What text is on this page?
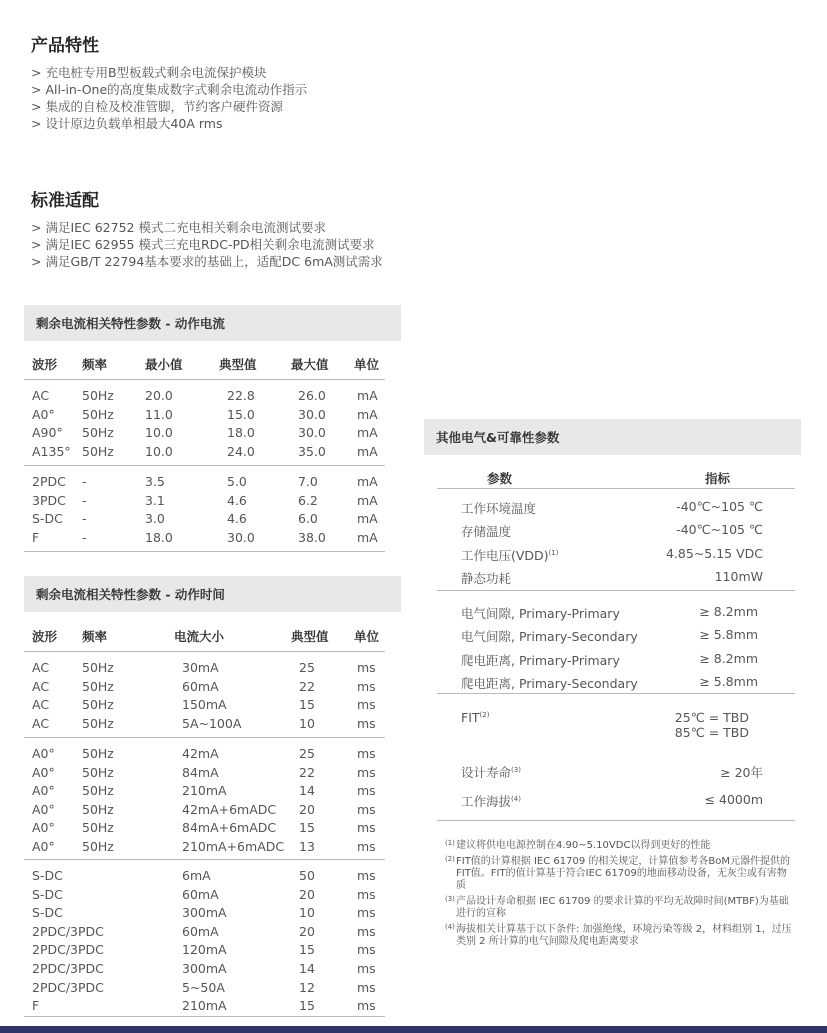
产品特性
> 充电桩专用B型板载式剩余电流保护模块
> All-in-One的高度集成数字式剩余电流动作指示
> 集成的自检及校准管脚，节约客户硬件资源
> 设计原边负载单相最大40A rms
标准适配
> 满足IEC 62752 模式二充电相关剩余电流测试要求
> 满足IEC 62955 模式三充电RDC-PD相关剩余电流测试要求
> 满足GB/T 22794基本要求的基础上，适配DC 6mA测试需求
剩余电流相关特性参数 - 动作电流
波形 频率	最小值	典型值	最大值 单位
AC	50Hz 20.0	22.8	26.0 mA
A0° 50Hz 11.0	15.0	30.0 mA
A90° 50Hz 10.0	18.0	30.0 mA
A135° 50Hz 10.0	24.0	35.0 mA
2PDC -	3.5	5.0	7.0	mA
3PDC -	3.1	4.6	6.2	mA
S-DC -	3.0	4.6	6.0	mA
F	-	18.0	30.0	38.0 mA
剩余电流相关特性参数 - 动作时间
波形 频率	电流大小	典型值 单位
AC	50Hz	30mA	25	ms
AC	50Hz	60mA	22	ms
AC	50Hz	150mA	15	ms
AC	50Hz	5A~100A	10	ms
A0° 50Hz	42mA	25	ms
A0° 50Hz	84mA	22	ms
A0° 50Hz	210mA	14	ms
A0° 50Hz	42mA+6mADC 20	ms
A0° 50Hz	84mA+6mADC 15	ms
A0° 50Hz	210mA+6mADC 13	ms
S-DC	6mA	50	ms
S-DC	60mA	20	ms
S-DC	300mA	10	ms
2PDC/3PDC	60mA	20	ms
2PDC/3PDC	120mA	15	ms
2PDC/3PDC	300mA	14	ms
2PDC/3PDC	5~50A	12	ms
F	210mA	15	ms
其他电气&可靠性参数
参数	指标
工作环境温度	-40℃~105 ℃
存储温度	-40℃~105 ℃
工作电压(VDD)$^{(1)}$	4.85~5.15 VDC
静态功耗	110mW
电气间隙, Primary-Primary	≥ 8.2mm
电气间隙, Primary-Secondary	≥ 5.8mm
爬电距离, Primary-Primary	≥ 8.2mm
爬电距离, Primary-Secondary	≥ 5.8mm
FIT$^{(2)}$	25℃ = TBD
85℃ = TBD
设计寿命$^{(3)}$	≥ 20年
工作海拔$^{(4)}$	≤ 4000m
(1) 建议将供电电源控制在4.90~5.10VDC以得到更好的性能
(2) FIT值的计算根据 IEC 61709 的相关规定，计算值参考各BoM元器件提供的FIT值。FIT的值计算基于符合IEC 61709的地面移动设备，无灰尘或有害物质
(3) 产品设计寿命根据 IEC 61709 的要求计算的平均无故障时间(MTBF)为基础进行的宣称
(4) 海拔相关计算基于以下条件: 加强绝缘，环境污染等级 2，材料组别 1，过压类别 2 所计算的电气间隙及爬电距离要求
